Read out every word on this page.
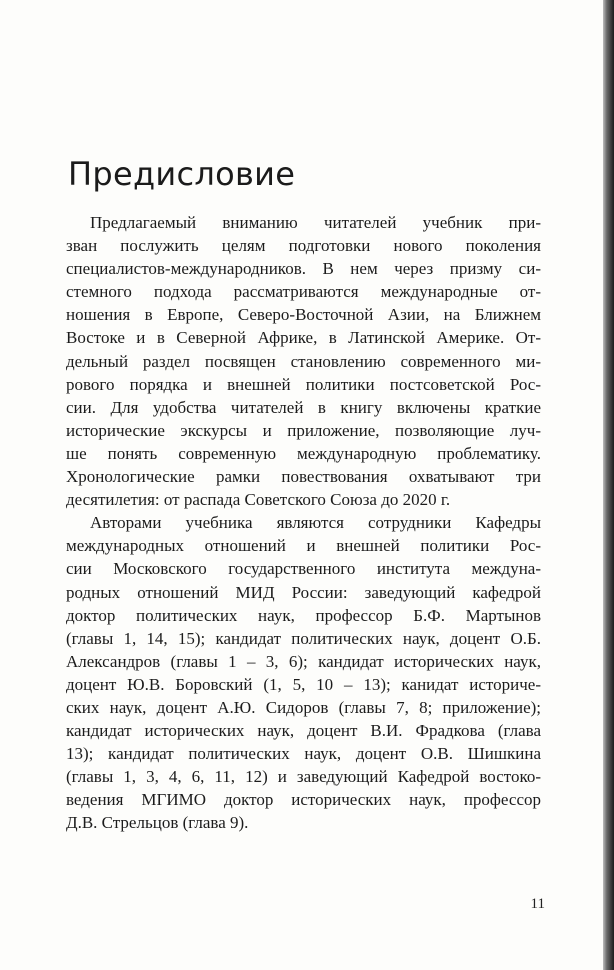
Предисловие
Предлагаемый вниманию читателей учебник при-
зван послужить целям подготовки нового поколения
специалистов-международников. В нем через призму си-
стемного подхода рассматриваются международные от-
ношения в Европе, Северо-Восточной Азии, на Ближнем
Востоке и в Северной Африке, в Латинской Америке. От-
дельный раздел посвящен становлению современного ми-
рового порядка и внешней политики постсоветской Рос-
сии. Для удобства читателей в книгу включены краткие
исторические экскурсы и приложение, позволяющие луч-
ше понять современную международную проблематику.
Хронологические рамки повествования охватывают три
десятилетия: от распада Советского Союза до 2020 г.
Авторами учебника являются сотрудники Кафедры
международных отношений и внешней политики Рос-
сии Московского государственного института междуна-
родных отношений МИД России: заведующий кафедрой
доктор политических наук, профессор Б.Ф. Мартынов
(главы 1, 14, 15); кандидат политических наук, доцент О.Б.
Александров (главы 1 – 3, 6); кандидат исторических наук,
доцент Ю.В. Боровский (1, 5, 10 – 13); канидат историче-
ских наук, доцент А.Ю. Сидоров (главы 7, 8; приложение);
кандидат исторических наук, доцент В.И. Фрадкова (глава
13); кандидат политических наук, доцент О.В. Шишкина
(главы 1, 3, 4, 6, 11, 12) и заведующий Кафедрой востоко-
ведения МГИМО доктор исторических наук, профессор
Д.В. Стрельцов (глава 9).
11
